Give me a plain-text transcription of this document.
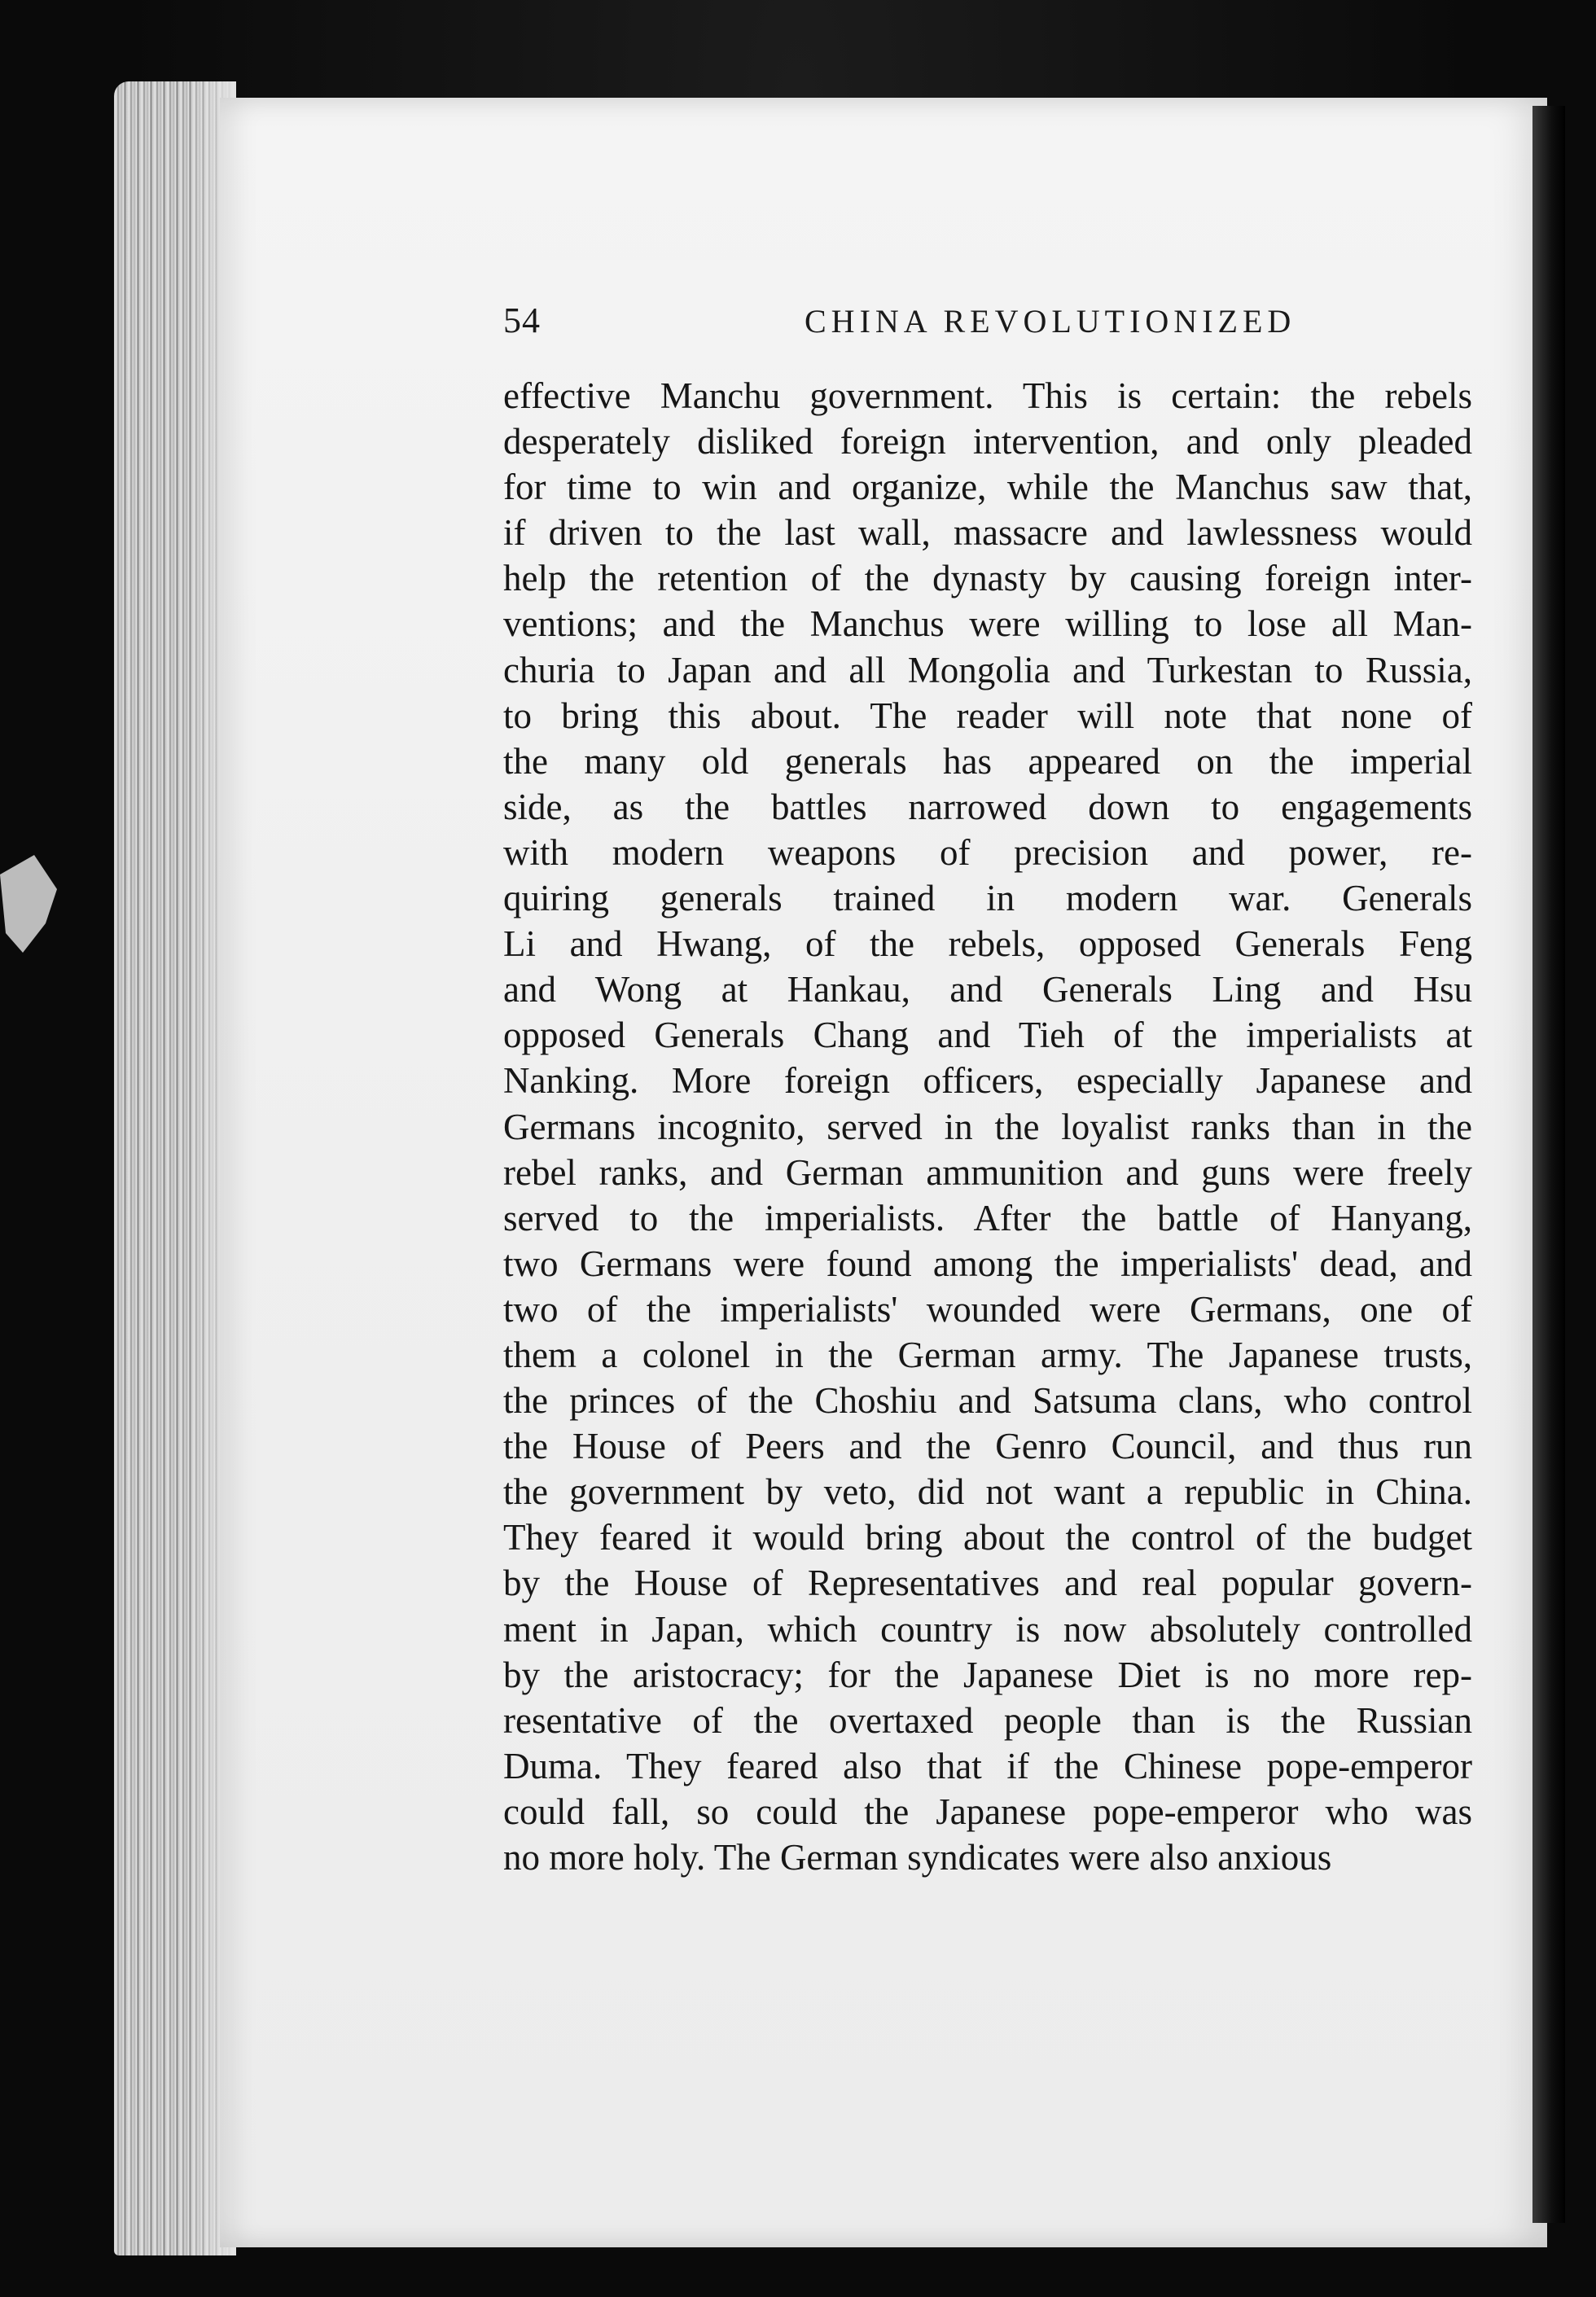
54	CHINA REVOLUTIONIZED
effective Manchu government. This is certain: the rebels
desperately disliked foreign intervention, and only pleaded
for time to win and organize, while the Manchus saw that,
if driven to the last wall, massacre and lawlessness would
help the retention of the dynasty by causing foreign inter-
ventions; and the Manchus were willing to lose all Man-
churia to Japan and all Mongolia and Turkestan to Russia,
to bring this about. The reader will note that none of
the many old generals has appeared on the imperial
side, as the battles narrowed down to engagements
with modern weapons of precision and power, re-
quiring generals trained in modern war. Generals
Li and Hwang, of the rebels, opposed Generals Feng
and Wong at Hankau, and Generals Ling and Hsu
opposed Generals Chang and Tieh of the imperialists at
Nanking. More foreign officers, especially Japanese and
Germans incognito, served in the loyalist ranks than in the
rebel ranks, and German ammunition and guns were freely
served to the imperialists. After the battle of Hanyang,
two Germans were found among the imperialists' dead, and
two of the imperialists' wounded were Germans, one of
them a colonel in the German army. The Japanese trusts,
the princes of the Choshiu and Satsuma clans, who control
the House of Peers and the Genro Council, and thus run
the government by veto, did not want a republic in China.
They feared it would bring about the control of the budget
by the House of Representatives and real popular govern-
ment in Japan, which country is now absolutely controlled
by the aristocracy; for the Japanese Diet is no more rep-
resentative of the overtaxed people than is the Russian
Duma. They feared also that if the Chinese pope-emperor
could fall, so could the Japanese pope-emperor who was
no more holy. The German syndicates were also anxious
